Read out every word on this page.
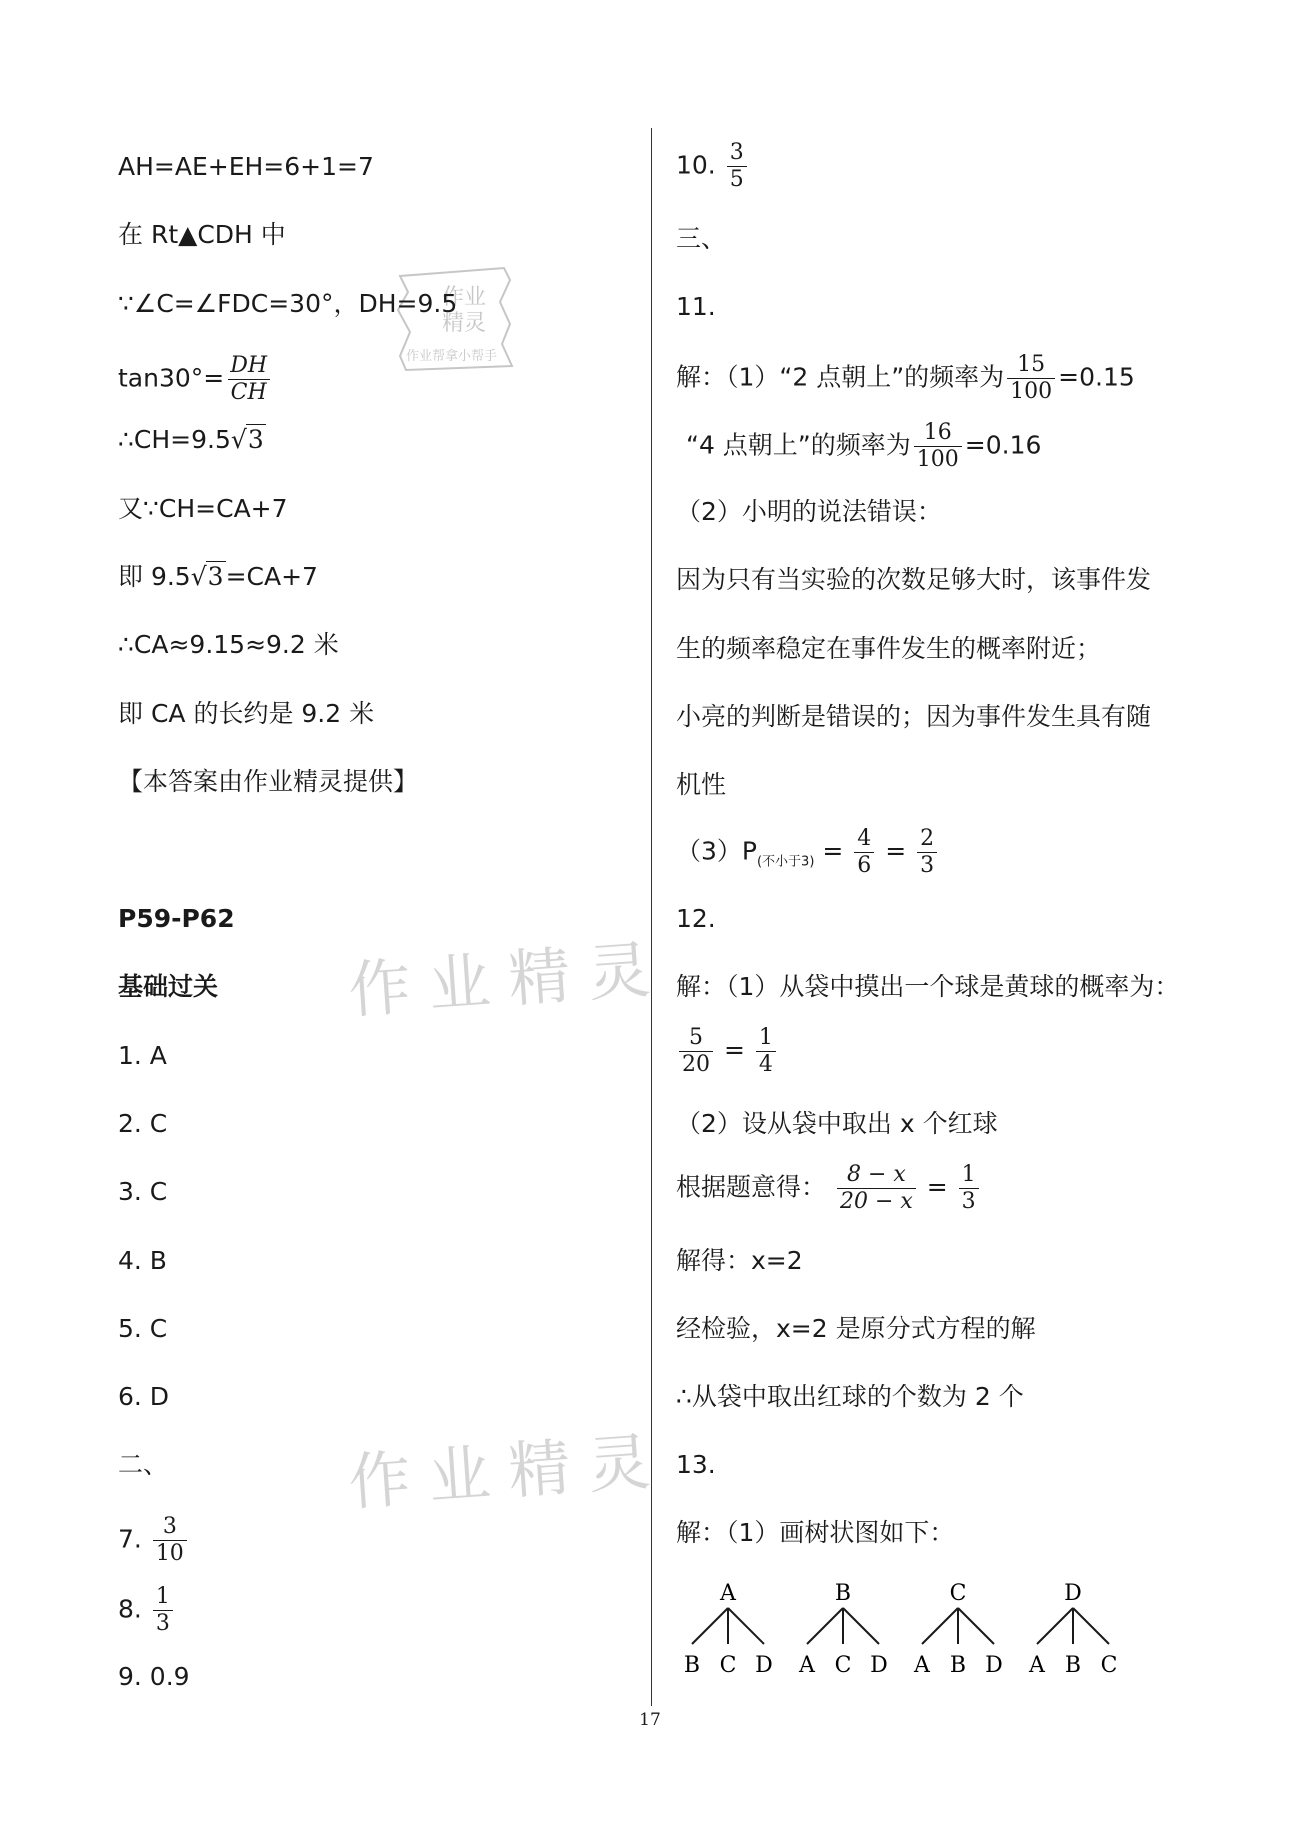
作业精灵
作业精灵
作业
精灵
作业帮拿小帮手
AH=AE+EH=6+1=7
在 Rt▲CDH 中
∵∠C=∠FDC=30°，DH=9.5
$\tan 30^\circ= \frac{DH}{CH}$
∴CH=9.5√3
又∵CH=CA+7
即 9.5√3=CA+7
∴CA≈9.15≈9.2 米
即 CA 的长约是 9.2 米
【本答案由作业精灵提供】
P59-P62
基础过关
1. A
2. C
3. C
4. B
5. C
6. D
二、
7. $\frac{3}{10}$
8. $\frac{1}{3}$
9. 0.9
10. $\frac{3}{5}$
三、
11.
解：（1）“2 点朝上”的频率为 $\frac{15}{100} =0.15$
“4 点朝上”的频率为 $\frac{16}{100} =0.16$
（2）小明的说法错误：
因为只有当实验的次数足够大时，该事件发
生的频率稳定在事件发生的概率附近；
小亮的判断是错误的；因为事件发生具有随
机性
$(3)P_{(不小于3)} = \frac{4}{6} = \frac{2}{3}$
12.
解：（1）从袋中摸出一个球是黄球的概率为：
$\frac{5}{20} = \frac{1}{4}$
（2）设从袋中取出 x 个红球
根据题意得： $\frac{8 - x}{20 - x} = \frac{1}{3}$
解得：x=2
经检验，x=2 是原分式方程的解
∴从袋中取出红球的个数为 2 个
13.
解：（1）画树状图如下：
A
B C D
B
A C D
C
A B D
D
A B C
17
